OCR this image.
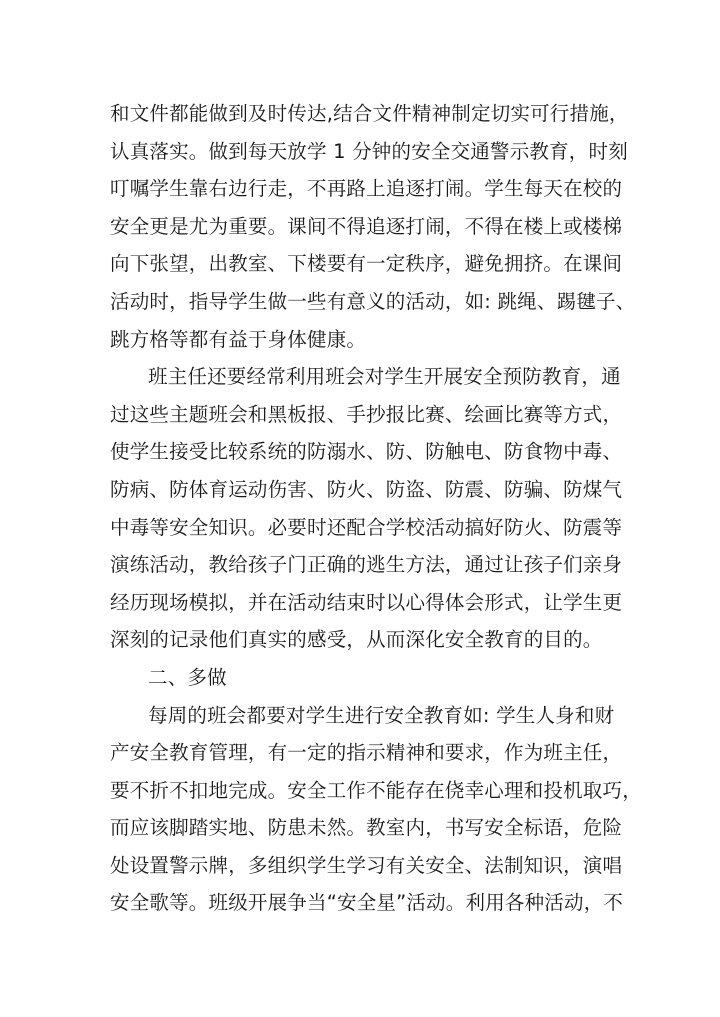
和文件都能做到及时传达,结合文件精神制定切实可行措施，
认真落实。做到每天放学 1 分钟的安全交通警示教育，时刻
叮嘱学生靠右边行走，不再路上追逐打闹。学生每天在校的
安全更是尤为重要。课间不得追逐打闹，不得在楼上或楼梯
向下张望，出教室、下楼要有一定秩序，避免拥挤。在课间
活动时，指导学生做一些有意义的活动，如: 跳绳、踢毽子、
跳方格等都有益于身体健康。
班主任还要经常利用班会对学生开展安全预防教育，通
过这些主题班会和黑板报、手抄报比赛、绘画比赛等方式，
使学生接受比较系统的防溺水、防、防触电、防食物中毒、
防病、防体育运动伤害、防火、防盗、防震、防骗、防煤气
中毒等安全知识。必要时还配合学校活动搞好防火、防震等
演练活动，教给孩子门正确的逃生方法，通过让孩子们亲身
经历现场模拟，并在活动结束时以心得体会形式，让学生更
深刻的记录他们真实的感受，从而深化安全教育的目的。
二、多做
每周的班会都要对学生进行安全教育如: 学生人身和财
产安全教育管理，有一定的指示精神和要求，作为班主任，
要不折不扣地完成。安全工作不能存在侥幸心理和投机取巧，
而应该脚踏实地、防患未然。教室内，书写安全标语，危险
处设置警示牌，多组织学生学习有关安全、法制知识，演唱
安全歌等。班级开展争当“安全星”活动。利用各种活动，不
